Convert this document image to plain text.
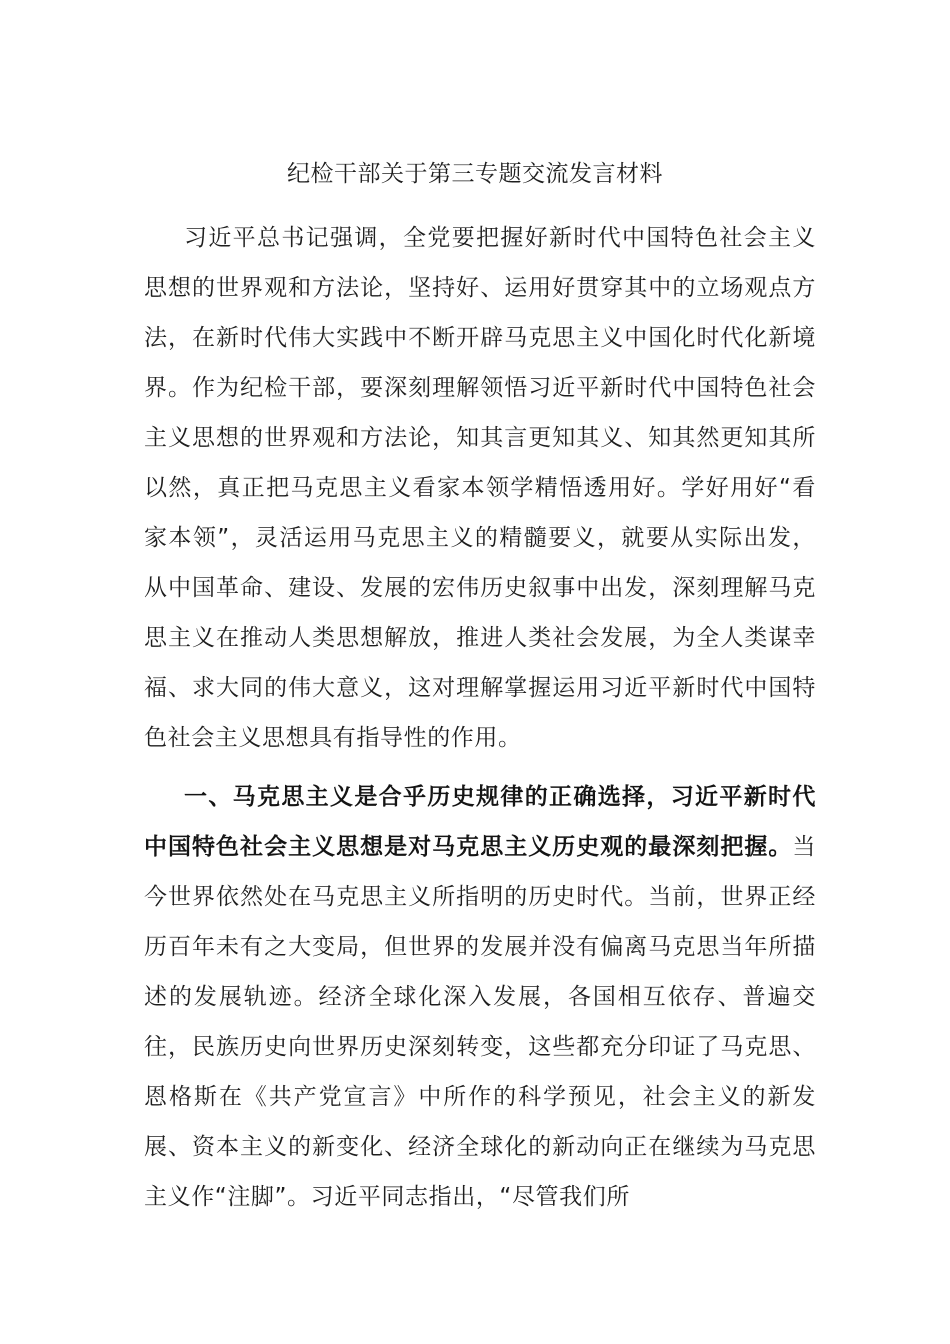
纪检干部关于第三专题交流发言材料

习近平总书记强调，全党要把握好新时代中国特色社会主义思想的世界观和方法论，坚持好、运用好贯穿其中的立场观点方法，在新时代伟大实践中不断开辟马克思主义中国化时代化新境界。作为纪检干部，要深刻理解领悟习近平新时代中国特色社会主义思想的世界观和方法论，知其言更知其义、知其然更知其所以然，真正把马克思主义看家本领学精悟透用好。学好用好“看家本领”，灵活运用马克思主义的精髓要义，就要从实际出发，从中国革命、建设、发展的宏伟历史叙事中出发，深刻理解马克思主义在推动人类思想解放，推进人类社会发展，为全人类谋幸福、求大同的伟大意义，这对理解掌握运用习近平新时代中国特色社会主义思想具有指导性的作用。

一、马克思主义是合乎历史规律的正确选择，习近平新时代中国特色社会主义思想是对马克思主义历史观的最深刻把握。当今世界依然处在马克思主义所指明的历史时代。当前，世界正经历百年未有之大变局，但世界的发展并没有偏离马克思当年所描述的发展轨迹。经济全球化深入发展，各国相互依存、普遍交往，民族历史向世界历史深刻转变，这些都充分印证了马克思、恩格斯在《共产党宣言》中所作的科学预见，社会主义的新发展、资本主义的新变化、经济全球化的新动向正在继续为马克思主义作“注脚”。习近平同志指出，“尽管我们所
